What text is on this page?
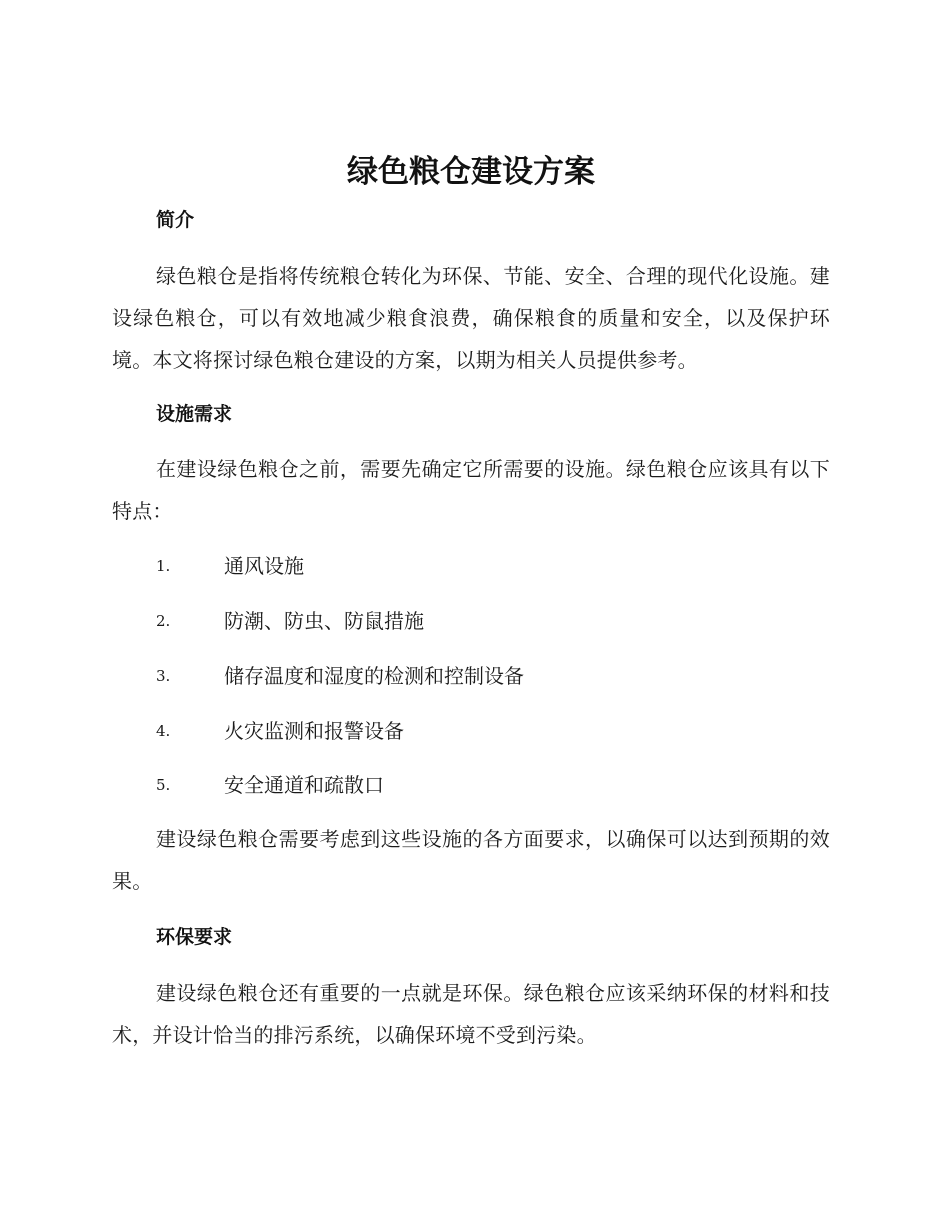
绿色粮仓建设方案
简介

绿色粮仓是指将传统粮仓转化为环保、节能、安全、合理的现代化设施。建设绿色粮仓，可以有效地减少粮食浪费，确保粮食的质量和安全，以及保护环境。本文将探讨绿色粮仓建设的方案，以期为相关人员提供参考。

设施需求

在建设绿色粮仓之前，需要先确定它所需要的设施。绿色粮仓应该具有以下特点：

1.	通风设施
2.	防潮、防虫、防鼠措施
3.	储存温度和湿度的检测和控制设备
4.	火灾监测和报警设备
5.	安全通道和疏散口

建设绿色粮仓需要考虑到这些设施的各方面要求，以确保可以达到预期的效果。

环保要求

建设绿色粮仓还有重要的一点就是环保。绿色粮仓应该采纳环保的材料和技术，并设计恰当的排污系统，以确保环境不受到污染。
